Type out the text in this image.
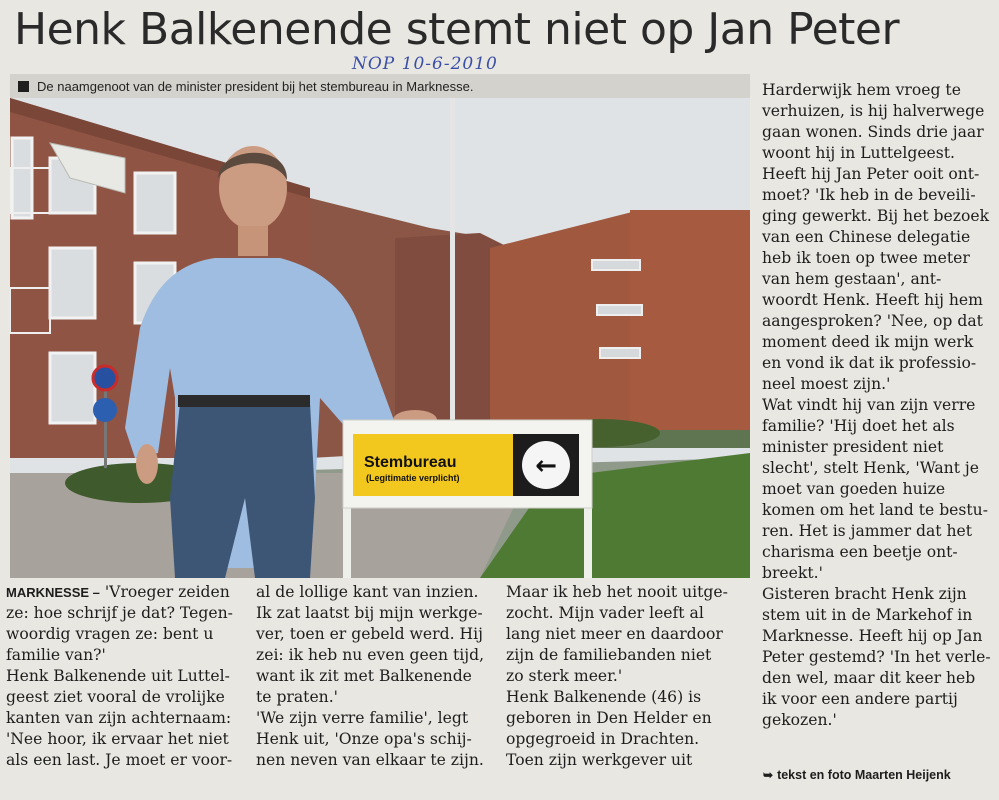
Henk Balkenende stemt niet op Jan Peter
NOP 10-6-2010
De naamgenoot van de minister president bij het stembureau in Marknesse.
←
Stembureau
(Legitimatie verplicht)

MARKNESSE – 'Vroeger zeiden

ze: hoe schrijf je dat? Tegen-

woordig vragen ze: bent u

familie van?'

Henk Balkenende uit Luttel-

geest ziet vooral de vrolijke

kanten van zijn achternaam:

'Nee hoor, ik ervaar het niet

als een last. Je moet er voor-

al de lollige kant van inzien.

Ik zat laatst bij mijn werkge-

ver, toen er gebeld werd. Hij

zei: ik heb nu even geen tijd,

want ik zit met Balkenende

te praten.'

'We zijn verre familie', legt

Henk uit, 'Onze opa's schij-

nen neven van elkaar te zijn.

Maar ik heb het nooit uitge-

zocht. Mijn vader leeft al

lang niet meer en daardoor

zijn de familiebanden niet

zo sterk meer.'

Henk Balkenende (46) is

geboren in Den Helder en

opgegroeid in Drachten.

Toen zijn werkgever uit

Harderwijk hem vroeg te

verhuizen, is hij halverwege

gaan wonen. Sinds drie jaar

woont hij in Luttelgeest.

Heeft hij Jan Peter ooit ont-

moet? 'Ik heb in de beveili-

ging gewerkt. Bij het bezoek

van een Chinese delegatie

heb ik toen op twee meter

van hem gestaan', ant-

woordt Henk. Heeft hij hem

aangesproken? 'Nee, op dat

moment deed ik mijn werk

en vond ik dat ik professio-

neel moest zijn.'

Wat vindt hij van zijn verre

familie? 'Hij doet het als

minister president niet

slecht', stelt Henk, 'Want je

moet van goeden huize

komen om het land te bestu-

ren. Het is jammer dat het

charisma een beetje ont-

breekt.'

Gisteren bracht Henk zijn

stem uit in de Markehof in

Marknesse. Heeft hij op Jan

Peter gestemd? 'In het verle-

den wel, maar dit keer heb

ik voor een andere partij

gekozen.'

➥ tekst en foto Maarten Heijenk
